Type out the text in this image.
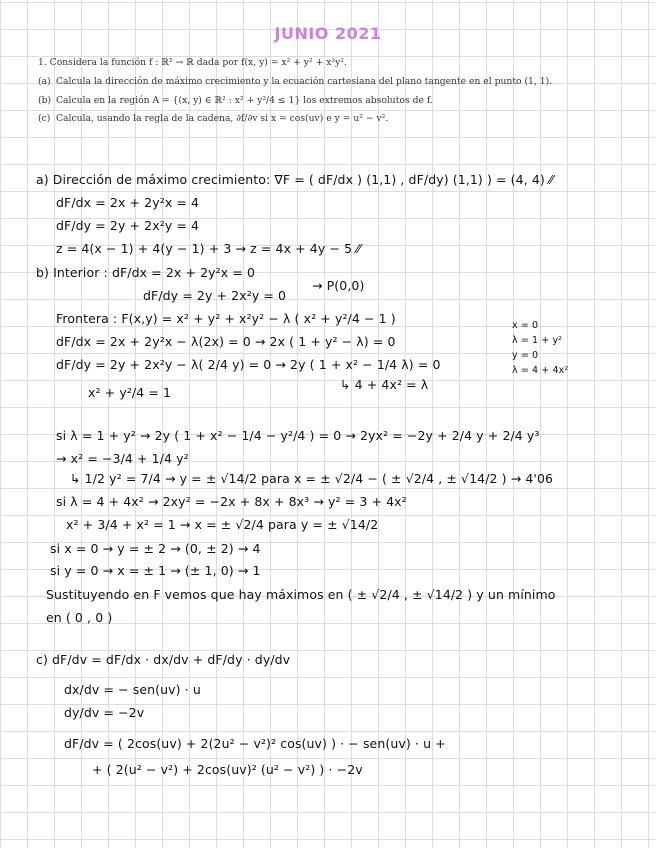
JUNIO 2021
1. Considera la función f : ℝ² → ℝ dada por f(x, y) = x² + y² + x²y².
(a) Calcula la dirección de máximo crecimiento y la ecuación cartesiana del plano tangente en el punto (1, 1).
(b) Calcula en la región A = {(x, y) ∈ ℝ² : x² + y²/4 ≤ 1} los extremos absolutos de f.
(c) Calcula, usando la regla de la cadena, ∂f/∂v si x = cos(uv) e y = u² − v².
a) Dirección de máximo crecimiento: ∇F = ( dF/dx ) (1,1) , dF/dy) (1,1) ) = (4, 4) ⁄⁄
dF/dx = 2x + 2y²x = 4
dF/dy = 2y + 2x²y = 4
z = 4(x − 1) + 4(y − 1) + 3 → z = 4x + 4y − 5 ⁄⁄
b) Interior : dF/dx = 2x + 2y²x = 0
dF/dy = 2y + 2x²y = 0
→ P(0,0)
Frontera : F(x,y) = x² + y² + x²y² − λ ( x² + y²/4 − 1 )
dF/dx = 2x + 2y²x − λ(2x) = 0 → 2x ( 1 + y² − λ) = 0
x = 0
λ = 1 + y²
dF/dy = 2y + 2x²y − λ( 2/4 y) = 0 → 2y ( 1 + x² − 1/4 λ) = 0
y = 0
λ = 4 + 4x²
↳ 4 + 4x² = λ
x² + y²/4 = 1
si λ = 1 + y² → 2y ( 1 + x² − 1/4 − y²/4 ) = 0 → 2yx² = −2y + 2/4 y + 2/4 y³
→ x² = −3/4 + 1/4 y²
↳ 1/2 y² = 7/4 → y = ± √14/2 para x = ± √2/4 − ( ± √2/4 , ± √14/2 ) → 4'06
si λ = 4 + 4x² → 2xy² = −2x + 8x + 8x³ → y² = 3 + 4x²
x² + 3/4 + x² = 1 → x = ± √2/4 para y = ± √14/2
si x = 0 → y = ± 2 → (0, ± 2) → 4
si y = 0 → x = ± 1 → (± 1, 0) → 1
Sustituyendo en F vemos que hay máximos en ( ± √2/4 , ± √14/2 ) y un mínimo
en ( 0 , 0 )
c) dF/dv = dF/dx · dx/dv + dF/dy · dy/dv
dx/dv = − sen(uv) · u
dy/dv = −2v
dF/dv = ( 2cos(uv) + 2(2u² − v²)² cos(uv) ) · − sen(uv) · u +
+ ( 2(u² − v²) + 2cos(uv)² (u² − v²) ) · −2v
